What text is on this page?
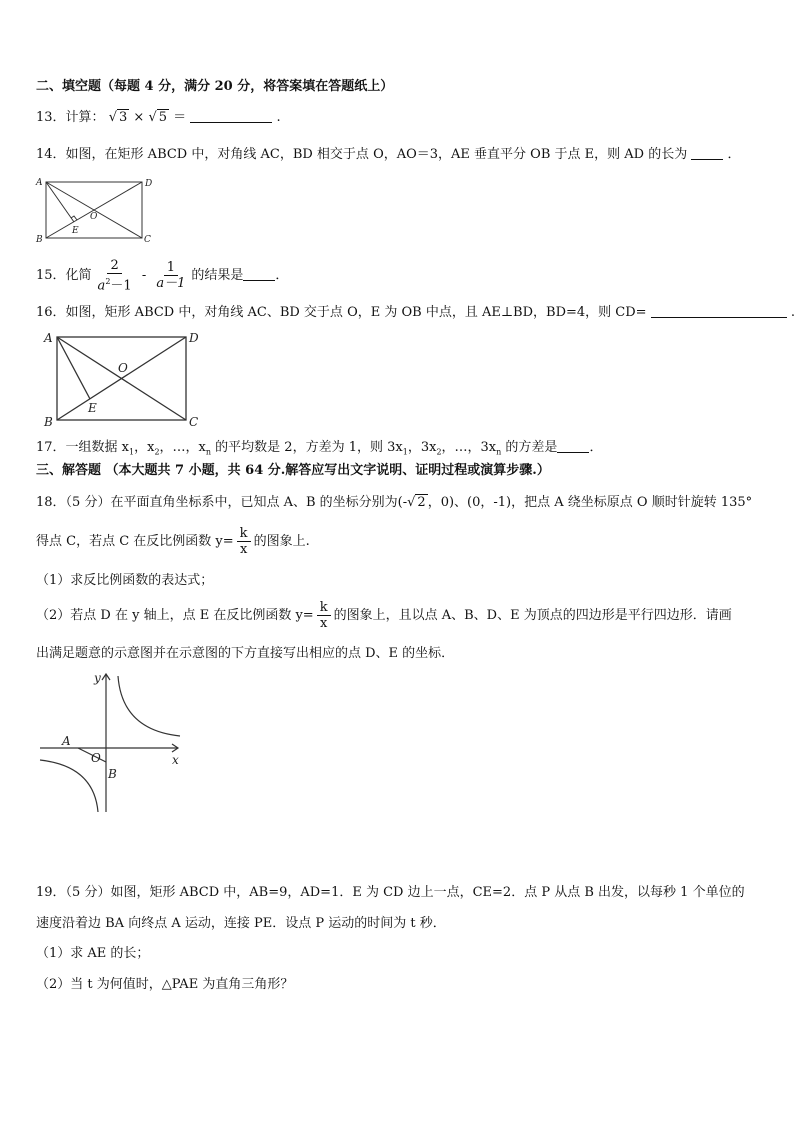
二、填空题（每题 4 分，满分 20 分，将答案填在答题纸上）
13．计算： √ 3 × √ 5 ＝	.
14．如图，在矩形 ABCD 中，对角线 AC，BD 相交于点 O，AO＝3，AE 垂直平分 OB 于点 E，则 AD 的长为	．
A	D
B	C
E
O
15．化简 $\frac{2}{a^2-1} - \frac{1}{a-1}$ 的结果是 ．
16．如图，矩形 ABCD 中，对角线 AC、BD 交于点 O，E 为 OB 中点，且 AE⊥BD，BD=4，则 CD=	.
A	D
B	C
E
O
17．一组数据 $x_1$，$x_2$，…，$x_n$ 的平均数是 2，方差为 1，则 $3x_1$，$3x_2$，…，$3x_n$ 的方差是 ．
三、解答题 （本大题共 7 小题，共 64 分.解答应写出文字说明、证明过程或演算步骤.）
18．（5 分）在平面直角坐标系中，已知点 A、B 的坐标分别为(-√ 2 ，0)、(0，-1)，把点 A 绕坐标原点 O 顺时针旋转 135°
得点 C，若点 C 在反比例函数 $y= \frac{k}{x}$ 的图象上.
（1）求反比例函数的表达式；
（2）若点 D 在 y 轴上，点 E 在反比例函数 $y= \frac{k}{x}$ 的图象上，且以点 A、B、D、E 为顶点的四边形是平行四边形．请画
出满足题意的示意图并在示意图的下方直接写出相应的点 D、E 的坐标．
y
x
A
O
B
19．（5 分）如图，矩形 ABCD 中，AB=9，AD=1．E 为 CD 边上一点，CE=2．点 P 从点 B 出发，以每秒 1 个单位的
速度沿着边 BA 向终点 A 运动，连接 PE．设点 P 运动的时间为 t 秒．
（1）求 AE 的长；
（2）当 t 为何值时，△PAE 为直角三角形？
